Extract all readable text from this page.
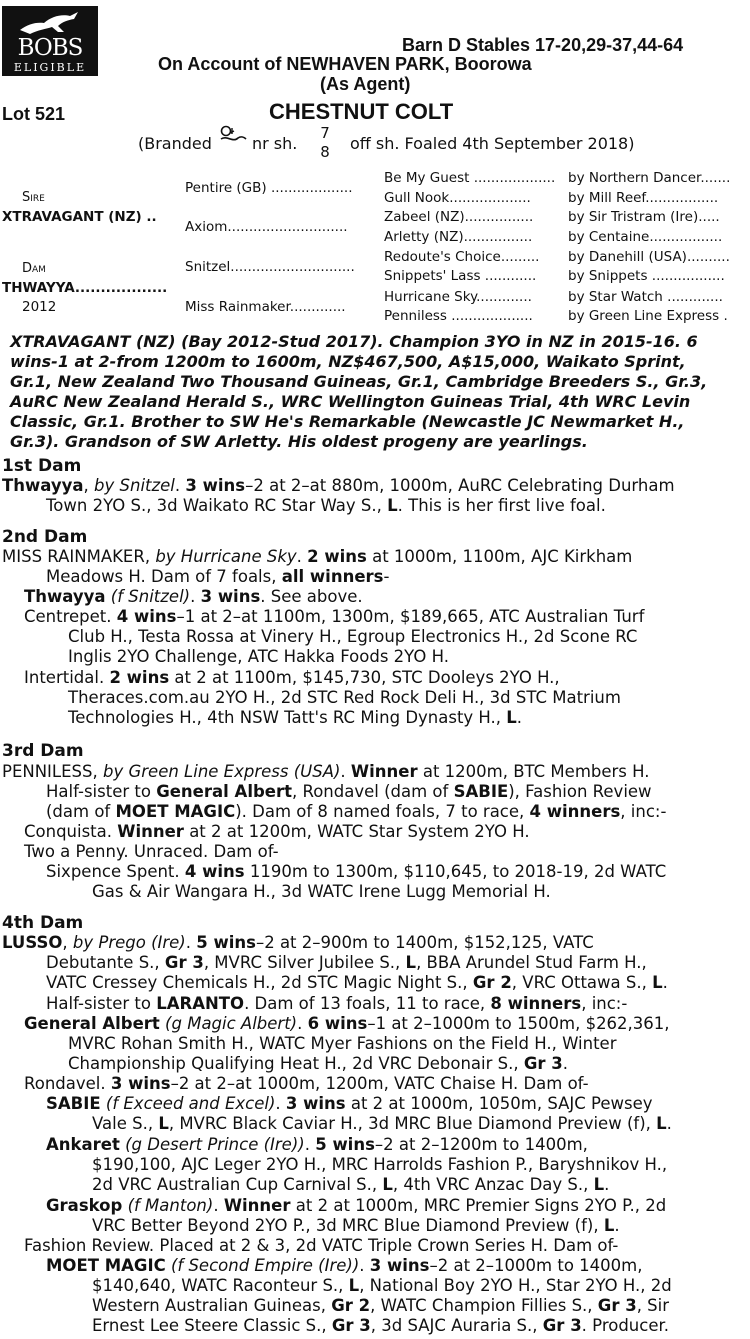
BOBS
ELIGIBLE
Barn D Stables 17-20,29-37,44-64
On Account of NEWHAVEN PARK, Boorowa
(As Agent)
Lot 521	CHESTNUT COLT
(Branded	nr sh.
7
8 off sh. Foaled 4th September 2018)
Sire
XTRAVAGANT (NZ) ..
Dam
THWAYYA..................
2012
Pentire (GB) ...................
Axiom............................
Snitzel.............................
Miss Rainmaker.............
Be My Guest ...................
Gull Nook...................
Zabeel (NZ)................
Arletty (NZ)................
Redoute's Choice.........
Snippets' Lass ............
Hurricane Sky.............
Penniless ...................
by Northern Dancer.......
by Mill Reef.................
by Sir Tristram (Ire).....
by Centaine.................
by Danehill (USA)..........
by Snippets .................
by Star Watch .............
by Green Line Express .
XTRAVAGANT (NZ) (Bay 2012-Stud 2017). Champion 3YO in NZ in 2015-16. 6
wins-1 at 2-from 1200m to 1600m, NZ$467,500, A$15,000, Waikato Sprint,
Gr.1, New Zealand Two Thousand Guineas, Gr.1, Cambridge Breeders S., Gr.3,
AuRC New Zealand Herald S., WRC Wellington Guineas Trial, 4th WRC Levin
Classic, Gr.1. Brother to SW He's Remarkable (Newcastle JC Newmarket H.,
Gr.3). Grandson of SW Arletty. His oldest progeny are yearlings.
1st Dam
2nd Dam
3rd Dam
4th Dam
Thwayya, by Snitzel. 3 wins–2 at 2–at 880m, 1000m, AuRC Celebrating Durham
Town 2YO S., 3d Waikato RC Star Way S., L. This is her first live foal.
MISS RAINMAKER, by Hurricane Sky. 2 wins at 1000m, 1100m, AJC Kirkham
Meadows H. Dam of 7 foals, all winners-
Thwayya (f Snitzel). 3 wins. See above.
Centrepet. 4 wins–1 at 2–at 1100m, 1300m, $189,665, ATC Australian Turf
Club H., Testa Rossa at Vinery H., Egroup Electronics H., 2d Scone RC
Inglis 2YO Challenge, ATC Hakka Foods 2YO H.
Intertidal. 2 wins at 2 at 1100m, $145,730, STC Dooleys 2YO H.,
Theraces.com.au 2YO H., 2d STC Red Rock Deli H., 3d STC Matrium
Technologies H., 4th NSW Tatt's RC Ming Dynasty H., L.
PENNILESS, by Green Line Express (USA). Winner at 1200m, BTC Members H.
Half-sister to General Albert, Rondavel (dam of SABIE), Fashion Review
(dam of MOET MAGIC). Dam of 8 named foals, 7 to race, 4 winners, inc:-
Conquista. Winner at 2 at 1200m, WATC Star System 2YO H.
Two a Penny. Unraced. Dam of-
Sixpence Spent. 4 wins 1190m to 1300m, $110,645, to 2018-19, 2d WATC
Gas & Air Wangara H., 3d WATC Irene Lugg Memorial H.
LUSSO, by Prego (Ire). 5 wins–2 at 2–900m to 1400m, $152,125, VATC
Debutante S., Gr 3, MVRC Silver Jubilee S., L, BBA Arundel Stud Farm H.,
VATC Cressey Chemicals H., 2d STC Magic Night S., Gr 2, VRC Ottawa S., L.
Half-sister to LARANTO. Dam of 13 foals, 11 to race, 8 winners, inc:-
General Albert (g Magic Albert). 6 wins–1 at 2–1000m to 1500m, $262,361,
MVRC Rohan Smith H., WATC Myer Fashions on the Field H., Winter
Championship Qualifying Heat H., 2d VRC Debonair S., Gr 3.
Rondavel. 3 wins–2 at 2–at 1000m, 1200m, VATC Chaise H. Dam of-
SABIE (f Exceed and Excel). 3 wins at 2 at 1000m, 1050m, SAJC Pewsey
Vale S., L, MVRC Black Caviar H., 3d MRC Blue Diamond Preview (f), L.
Ankaret (g Desert Prince (Ire)). 5 wins–2 at 2–1200m to 1400m,
$190,100, AJC Leger 2YO H., MRC Harrolds Fashion P., Baryshnikov H.,
2d VRC Australian Cup Carnival S., L, 4th VRC Anzac Day S., L.
Graskop (f Manton). Winner at 2 at 1000m, MRC Premier Signs 2YO P., 2d
VRC Better Beyond 2YO P., 3d MRC Blue Diamond Preview (f), L.
Fashion Review. Placed at 2 & 3, 2d VATC Triple Crown Series H. Dam of-
MOET MAGIC (f Second Empire (Ire)). 3 wins–2 at 2–1000m to 1400m,
$140,640, WATC Raconteur S., L, National Boy 2YO H., Star 2YO H., 2d
Western Australian Guineas, Gr 2, WATC Champion Fillies S., Gr 3, Sir
Ernest Lee Steere Classic S., Gr 3, 3d SAJC Auraria S., Gr 3. Producer.
